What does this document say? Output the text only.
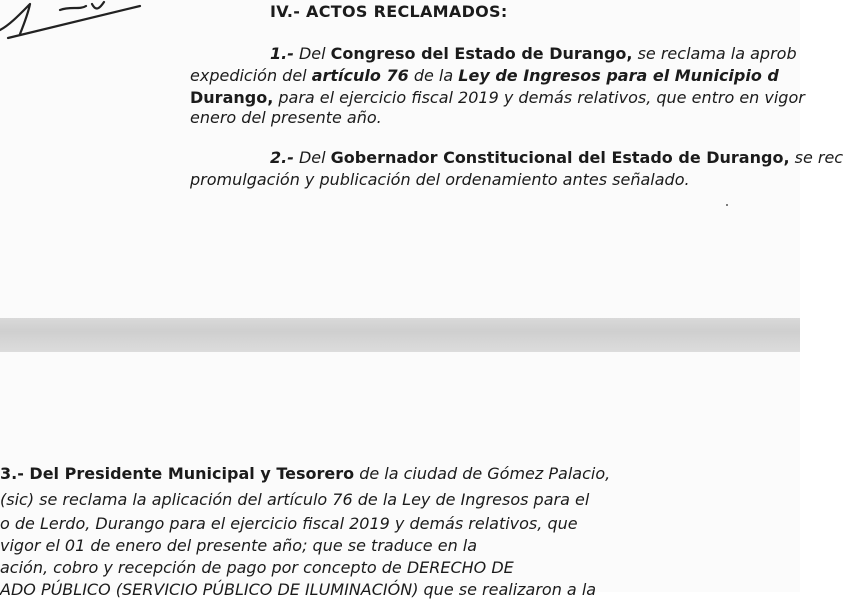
IV.- ACTOS RECLAMADOS:
1.- Del Congreso del Estado de Durango, se reclama la aprob
expedición del artículo 76 de la Ley de Ingresos para el Municipio d
Durango, para el ejercicio fiscal 2019 y demás relativos, que entro en vigor
enero del presente año.
2.- Del Gobernador Constitucional del Estado de Durango, se rec
promulgación y publicación del ordenamiento antes señalado.
3.- Del Presidente Municipal y Tesorero de la ciudad de Gómez Palacio,
(sic) se reclama la aplicación del artículo 76 de la Ley de Ingresos para el
o de Lerdo, Durango para el ejercicio fiscal 2019 y demás relativos, que
vigor el 01 de enero del presente año; que se traduce en la
ación, cobro y recepción de pago por concepto de DERECHO DE
ADO PÚBLICO (SERVICIO PÚBLICO DE ILUMINACIÓN) que se realizaron a la
